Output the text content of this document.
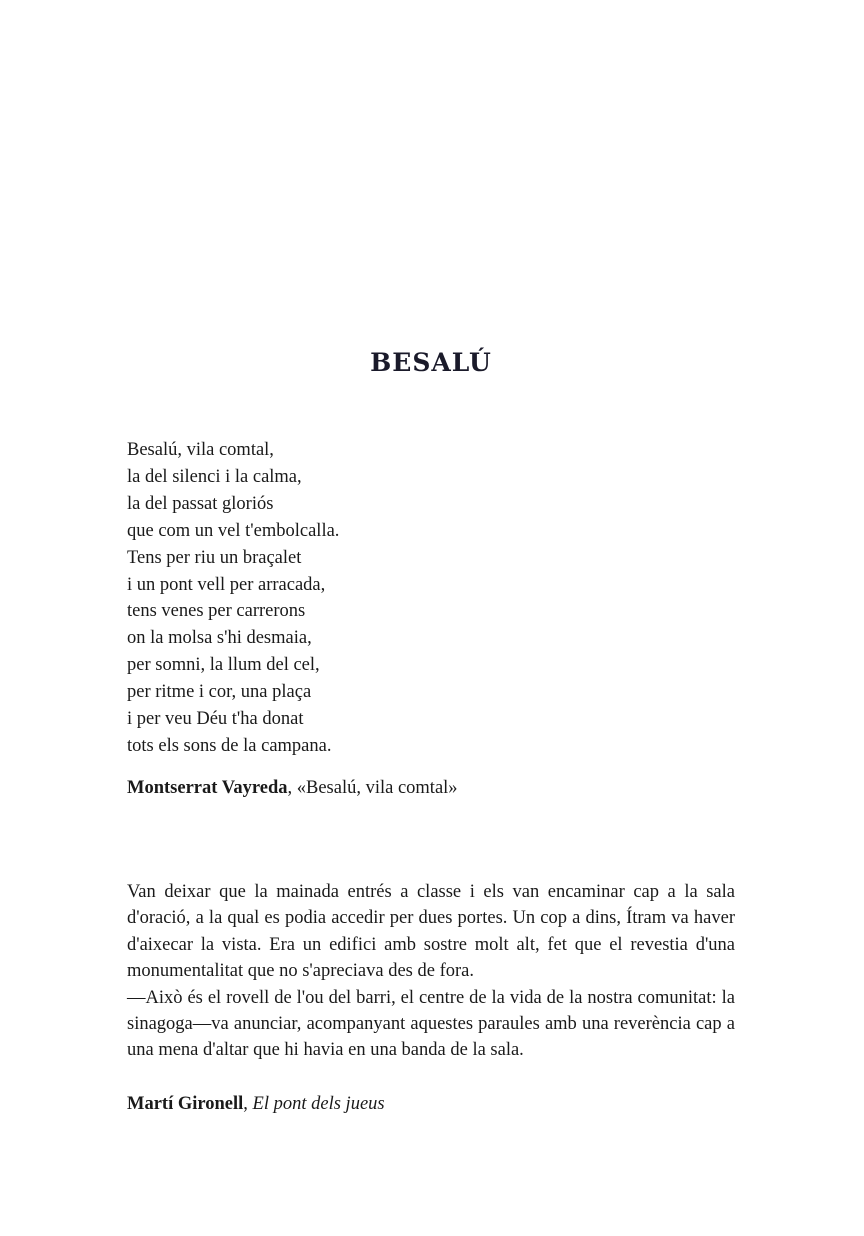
BESALÚ
Besalú, vila comtal,
la del silenci i la calma,
la del passat gloriós
que com un vel t'embolcalla.
Tens per riu un braçalet
i un pont vell per arracada,
tens venes per carrerons
on la molsa s'hi desmaia,
per somni, la llum del cel,
per ritme i cor, una plaça
i per veu Déu t'ha donat
tots els sons de la campana.

Montserrat Vayreda, «Besalú, vila comtal»

Van deixar que la mainada entrés a classe i els van encaminar cap a la sala d'oració, a la qual es podia accedir per dues portes. Un cop a dins, Ítram va haver d'aixecar la vista. Era un edifici amb sostre molt alt, fet que el revestia d'una monumentalitat que no s'apreciava des de fora.

—Això és el rovell de l'ou del barri, el centre de la vida de la nostra comunitat: la sinagoga—va anunciar, acompanyant aquestes paraules amb una reverència cap a una mena d'altar que hi havia en una banda de la sala.

Martí Gironell, El pont dels jueus
